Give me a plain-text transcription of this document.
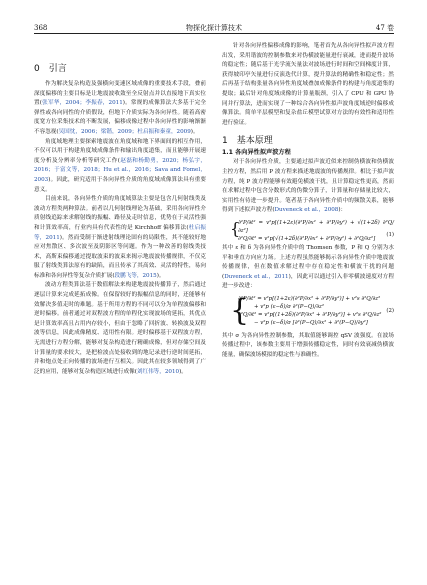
368	物探化探计算技术	47 卷
0　引言

作为解决复杂构造及强横向变速区域成像的重要技术手段，叠前深度偏移的主要目标是让地震波收敛至全反射点并以直接地下真实位置(张军华，2004；李振春，2011)。常规的成像算法大多基于完全弹性或各向同性的介质假设，但地下介质实际为各向异性。随着高密度宽方位采集技术的不断发展，偏移成像过程中各向异性的影响渐渐不容忽视(吴国忱，2006；梁锴，2009；杜启振和秦童，2009)。

角度域地理主要探索地震波在角度域和地下界面间的相互作用，不仅可以用于构建角度域成像条件和输出角度道集，而且能够开展速度分析及分辨率分析等研究工作(赵磊和杨勤勇，2020；杨弘宇，2016；于富文等，2018；Hu et al.，2016；Sava and Fomel，2003)。因此，研究适用于各向异性介质的角度域成像算法具有重要意义。

目前来说，各向异性介质的角度域算法主要是包含几何射线类及波动方程类两种算法。前者以几何射线理论为基础，采用各向异性介质射线追踪来求解射线的振幅、路径及走时信息，优势在于灵活性强和计算效率高，行业内具有代表性的是 Kirchhoff 偏移算法(杜启振等，2011)。然而受制于渐进射线理论固有的局限性，其不能较好地应对焦散区、多次波至及阴影区等问题。作为一种改善的射线类技术，高斯束偏移通过提取波束的波束来揭示地震波传播规律，不仅克服了射线类算法原有的缺陷，而且传承了其高效、灵活的特性，易向标准和各向异性等复杂介质扩展(段鹏飞等，2015)。

波动方程类算法基于数值解法来构建地震波传播算子，然后通过逐层计算来完成延拓成像。在保留较好的振幅信息的同时，还能够有效解决多值走时的难题。基于所用方程的不同可以分为单程波偏移和逆时偏移。前者通过对双程波方程的单程化实现波场的延拓，其优点是计算效率高且占用内存较小，但由于忽略了回折波、转换波及双程波等信息，因此成像精度、适用性有限。逆时偏移基于双程波方程，无需进行方程分解，能够对复杂构造进行精确成像，但对存储空间及计算量的要求较大，是把检波点处接收到的地记录进行逆时间延拓，并和炮点处正向传播的波场进行互相关。因此其在较多领域得到了广泛的应用，能够对复杂构造区域进行成像(刘红伟等，2010)。

针对各向异性偏移成像的影响，笔者首先从各向异性拟声波方程出发，采用谐波的控制参数来对伪横波能量进行衰减，进而提升波场的稳定性；随后基于光学流矢量法对波场进行时间和空间梯度计算，获得坡印亭矢量进行反演迭代计算，提升算法的精确性和稳定性；然后再基于结构张量各向异性角度域叠加成像条件的构建与角度道集的提取；最后针对角度域成像的计算量瓶颈，引入了 CPU 和 GPU 协同并行算法，进而实现了一种综合各向异性拟声波角度域逆时偏移成像算法。简单平层模型和复杂盐丘模型试算对方法的有效性和适用性进行验证。

1　基本原理
1.1 各向异性拟声波方程

对于各向异性介质，主要通过拟声波近似来控制伪横波和伪横波主控方程，然后用 P 波方程来描述地震波的传播规律。相比于拟声波方程，纯 P 波方程能够有效避免横波干扰，且计算稳定性更高，然而在求解过程中包含分数形式的伪微分算子，计算量和存储量比较大，实用性有待进一步提升。笔者基于各向异性介质中的频散关系，能够得到下述拟声波方程(Duveneck et al.，2008)：

{
∂²P/∂t² = v²p[(1+2ε)(∂²P/∂x² + ∂²P/∂y²) + √(1+2δ) ∂²Q/∂z²]
∂²Q/∂t² = v²p[√(1+2δ)(∂²P/∂x² + ∂²P/∂y²) + ∂²Q/∂z²]
(1)

其中 ε 和 δ 为各向异性介质中的 Thomsen 参数，P 和 Q 分别为水平和垂直方向应力场。上述方程虽然能够揭示各向异性介质中地震波传播规律，但在数值求解过程中存在稳定性和横波干扰的问题(Duveneck et al.，2011)，因此可以通过引入非零横波速度对方程进一步改进：

{
∂²P/∂t² = v²p[(1+2ε)(∂²P/∂x² + ∂²P/∂y²)] + v²s ∂²Q/∂z²
+ v²p (ε−δ)/σ ∂²(P−Q)/∂z²
∂²Q/∂t² = v²p[(1+2δ)(∂²P/∂x² + ∂²P/∂y²)] + v²s ∂²Q/∂z²
− v²p (ε−δ)/σ [∂²(P−Q)/∂x² + ∂²(P−Q)/∂y²]
(2)

其中 σ 为各向异性控制参数，其取值能够调控 qSV 波强度。在波场传播过程中，该参数主要用于增强传播稳定性，同时有效衰减伪横波能量，确保波场模拟的稳定性与准确性。
